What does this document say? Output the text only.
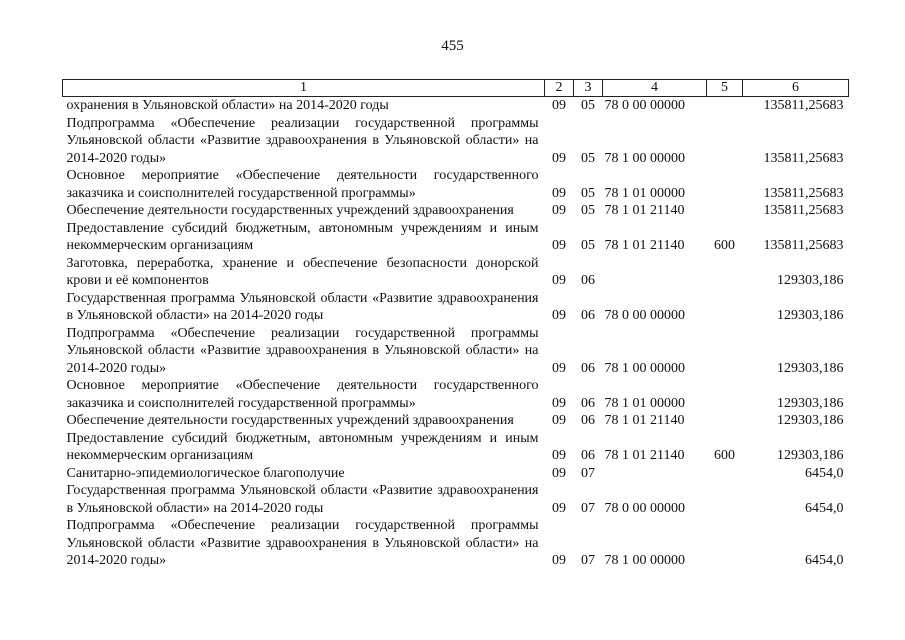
455
1	2	3	4	5	6
охранения в Ульяновской области» на 2014-2020 годы	09	05	78 0 00 00000		135811,25683
Подпрограмма «Обеспечение реализации государственной программы Ульяновской области «Развитие здравоохранения в Ульяновской области» на 2014-2020 годы»	09	05	78 1 00 00000		135811,25683
Основное мероприятие «Обеспечение деятельности государственного заказчика и соисполнителей государственной программы»	09	05	78 1 01 00000		135811,25683
Обеспечение деятельности государственных учреждений здравоохранения	09	05	78 1 01 21140		135811,25683
Предоставление субсидий бюджетным, автономным учреждениям и иным некоммерческим организациям	09	05	78 1 01 21140	600	135811,25683
Заготовка, переработка, хранение и обеспечение безопасности донорской крови и её компонентов	09	06			129303,186
Государственная программа Ульяновской области «Развитие здравоохранения в Ульяновской области» на 2014-2020 годы	09	06	78 0 00 00000		129303,186
Подпрограмма «Обеспечение реализации государственной программы Ульяновской области «Развитие здравоохранения в Ульяновской области» на 2014-2020 годы»	09	06	78 1 00 00000		129303,186
Основное мероприятие «Обеспечение деятельности государственного заказчика и соисполнителей государственной программы»	09	06	78 1 01 00000		129303,186
Обеспечение деятельности государственных учреждений здравоохранения	09	06	78 1 01 21140		129303,186
Предоставление субсидий бюджетным, автономным учреждениям и иным некоммерческим организациям	09	06	78 1 01 21140	600	129303,186
Санитарно-эпидемиологическое благополучие	09	07			6454,0
Государственная программа Ульяновской области «Развитие здравоохранения в Ульяновской области» на 2014-2020 годы	09	07	78 0 00 00000		6454,0
Подпрограмма «Обеспечение реализации государственной программы Ульяновской области «Развитие здравоохранения в Ульяновской области» на 2014-2020 годы»	09	07	78 1 00 00000		6454,0
